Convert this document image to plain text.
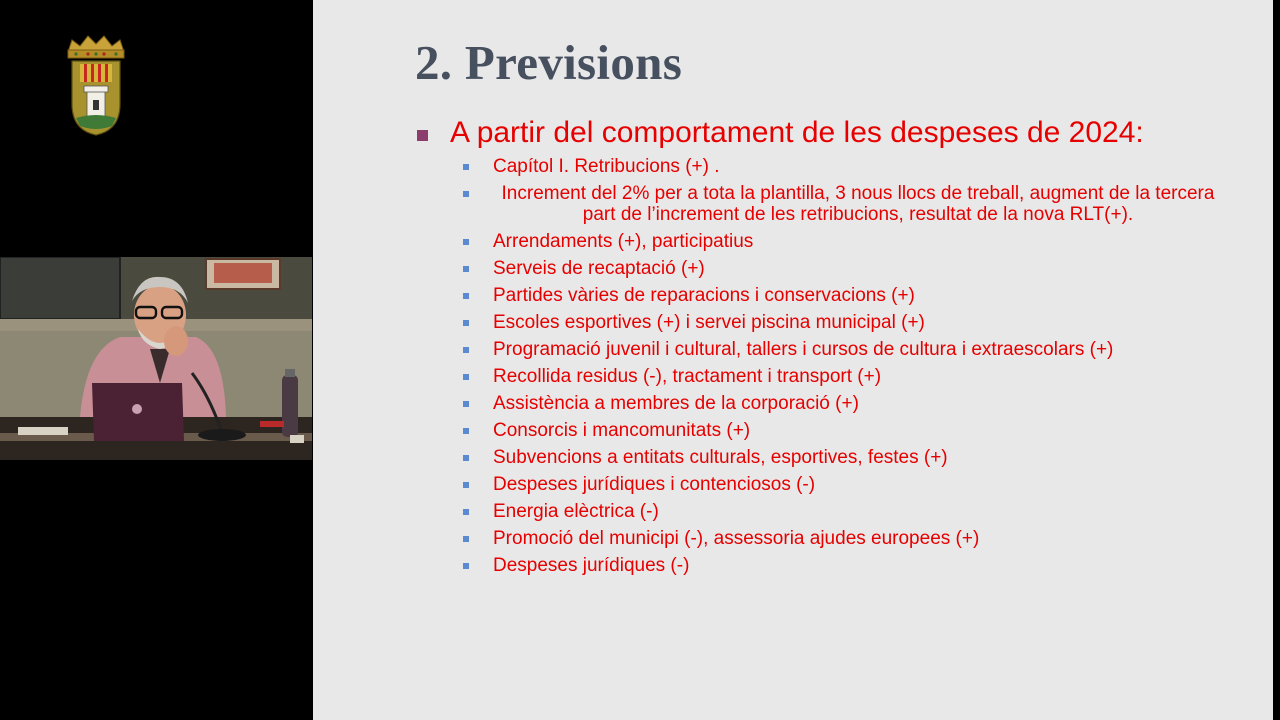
2. Previsions
A partir del comportament de les despeses de 2024:
Capítol I. Retribucions (+) .
Increment del 2% per a tota la plantilla, 3 nous llocs de treball, augment de la tercera part de l’increment de les retribucions, resultat de la nova RLT(+).
Arrendaments (+), participatius
Serveis de recaptació (+)
Partides vàries de reparacions i conservacions (+)
Escoles esportives (+) i servei piscina municipal (+)
Programació juvenil i cultural, tallers i cursos de cultura i extraescolars (+)
Recollida residus (-), tractament i transport (+)
Assistència a membres de la corporació (+)
Consorcis i mancomunitats (+)
Subvencions a entitats culturals, esportives, festes (+)
Despeses jurídiques i contenciosos (-)
Energia elèctrica (-)
Promoció del municipi (-), assessoria ajudes europees (+)
Despeses jurídiques (-)
